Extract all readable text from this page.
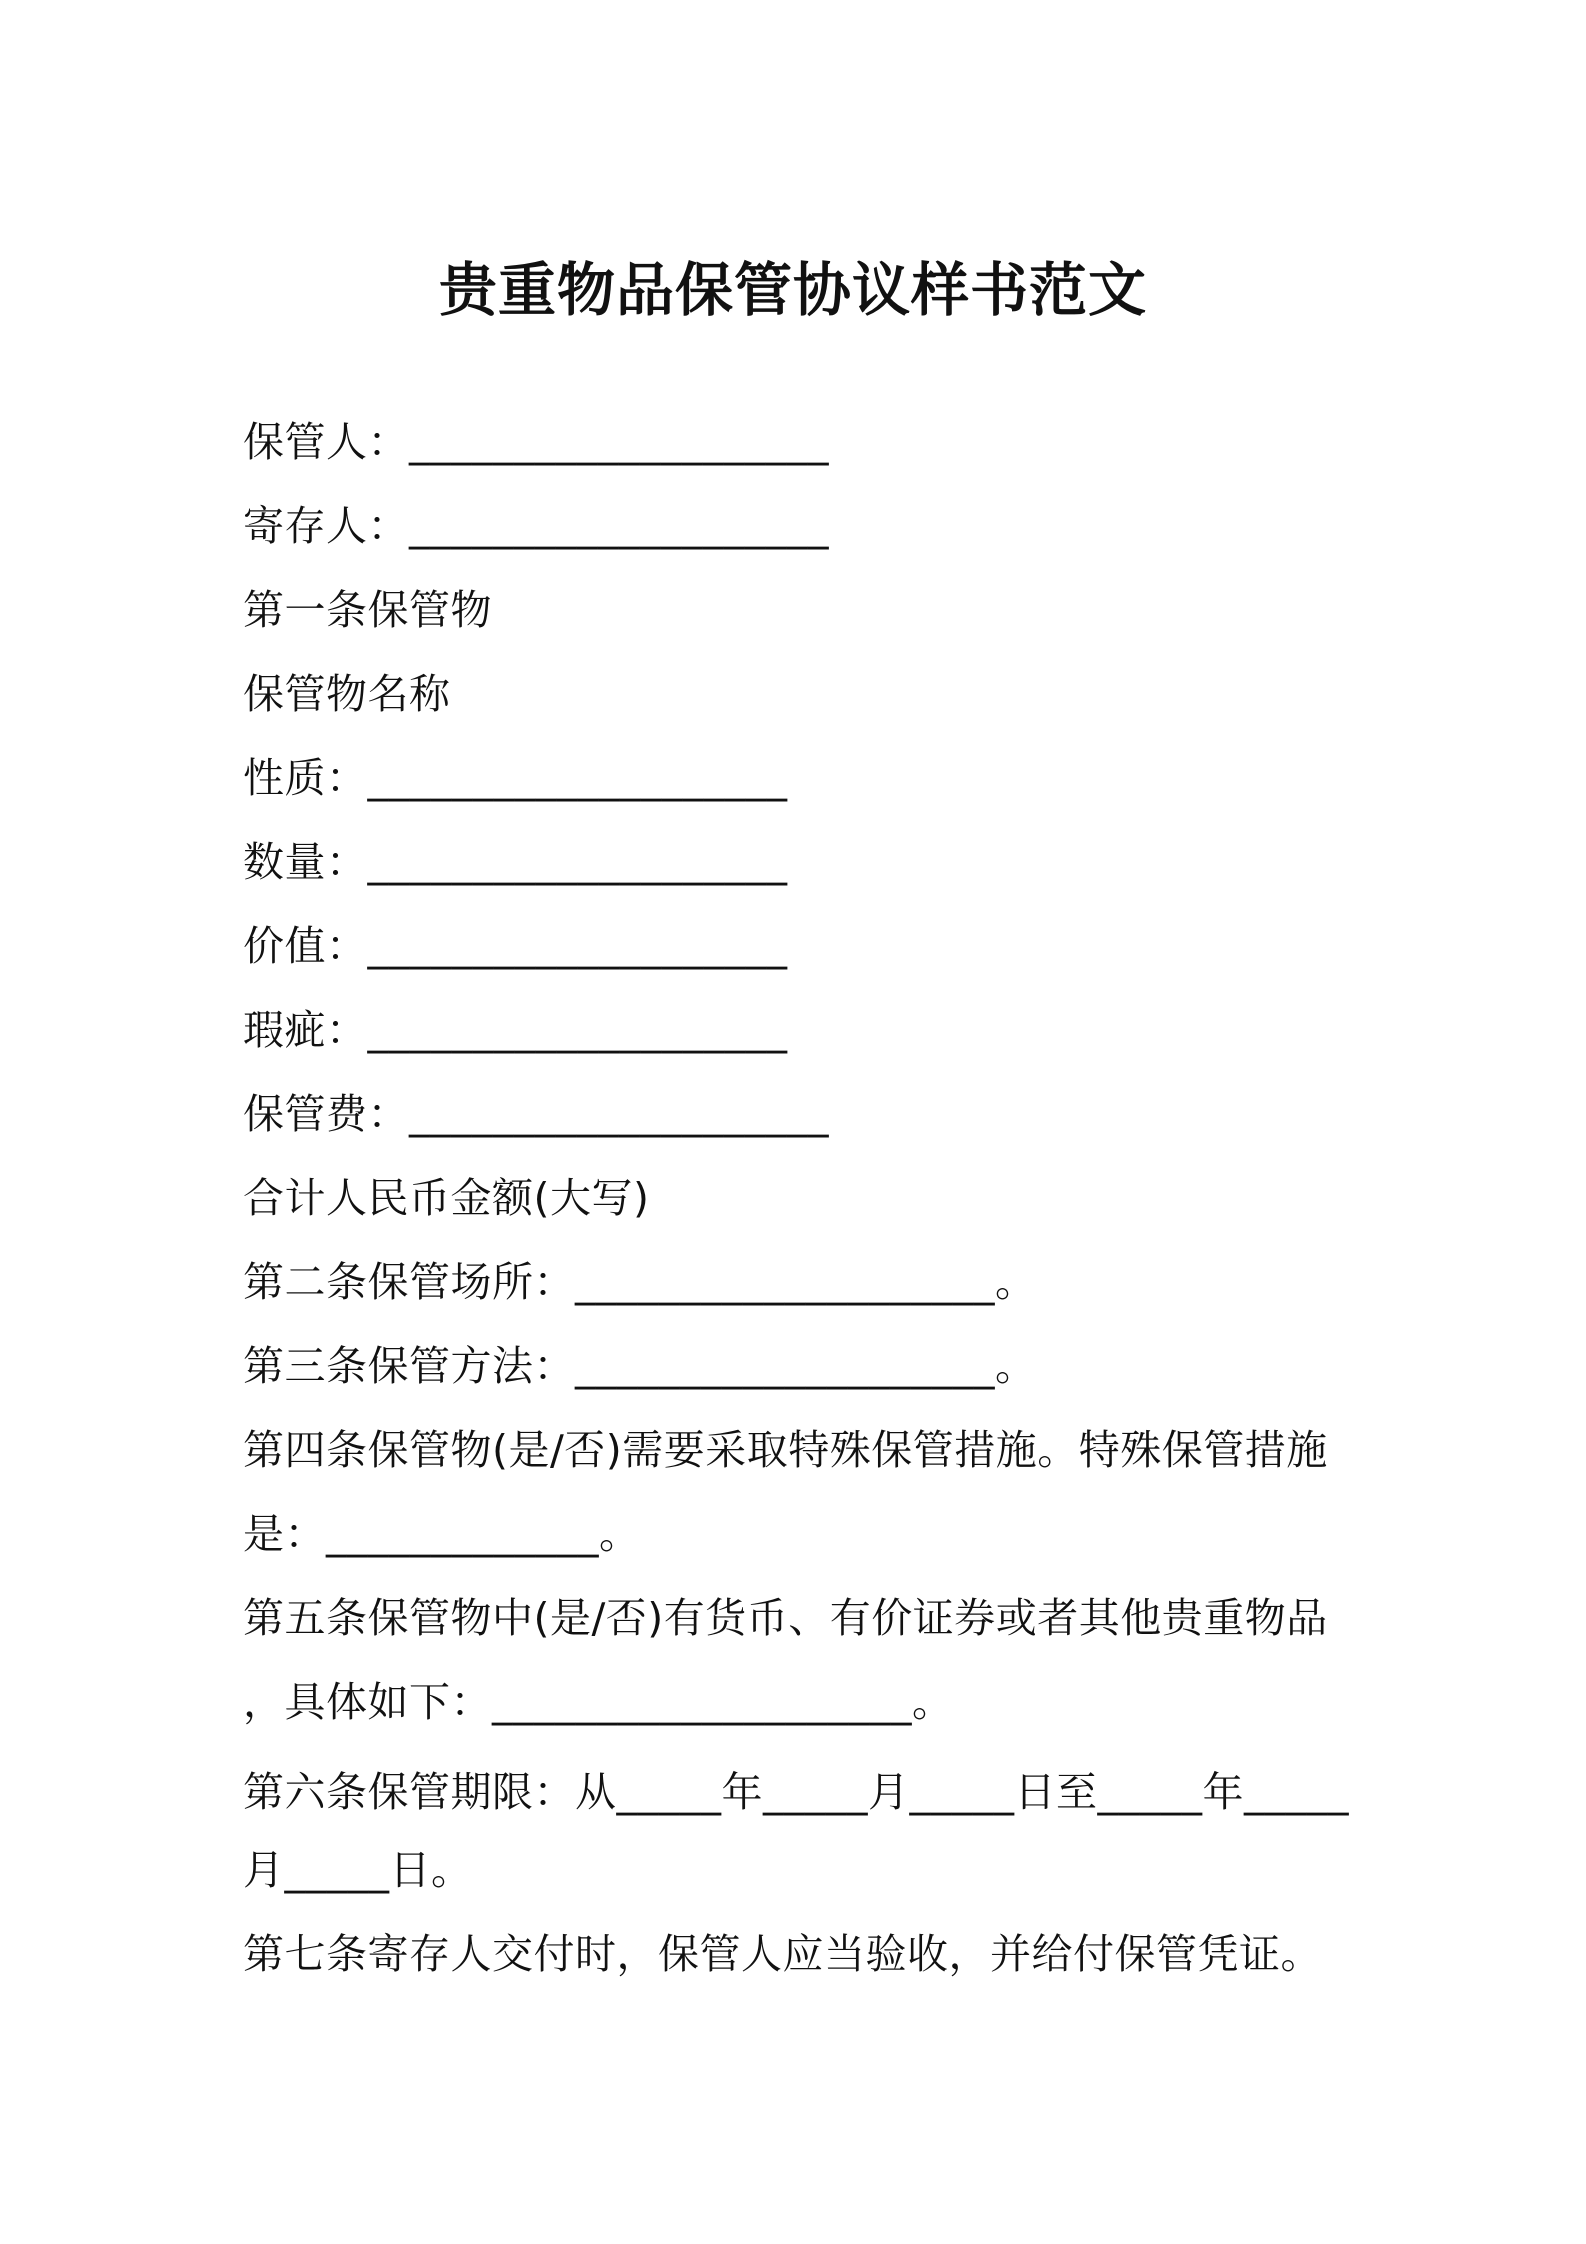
贵重物品保管协议样书范文
保管人：____________________
寄存人：____________________
第一条保管物
保管物名称
性质：____________________
数量：____________________
价值：____________________
瑕疵：____________________
保管费：____________________
合计人民币金额(大写)
第二条保管场所：____________________。
第三条保管方法：____________________。
第四条保管物(是/否)需要采取特殊保管措施。特殊保管措施
是：_____________。
第五条保管物中(是/否)有货币、有价证券或者其他贵重物品
，具体如下：____________________。
第六条保管期限：从_____年_____月_____日至_____年_____
月_____日。
第七条寄存人交付时，保管人应当验收，并给付保管凭证。
